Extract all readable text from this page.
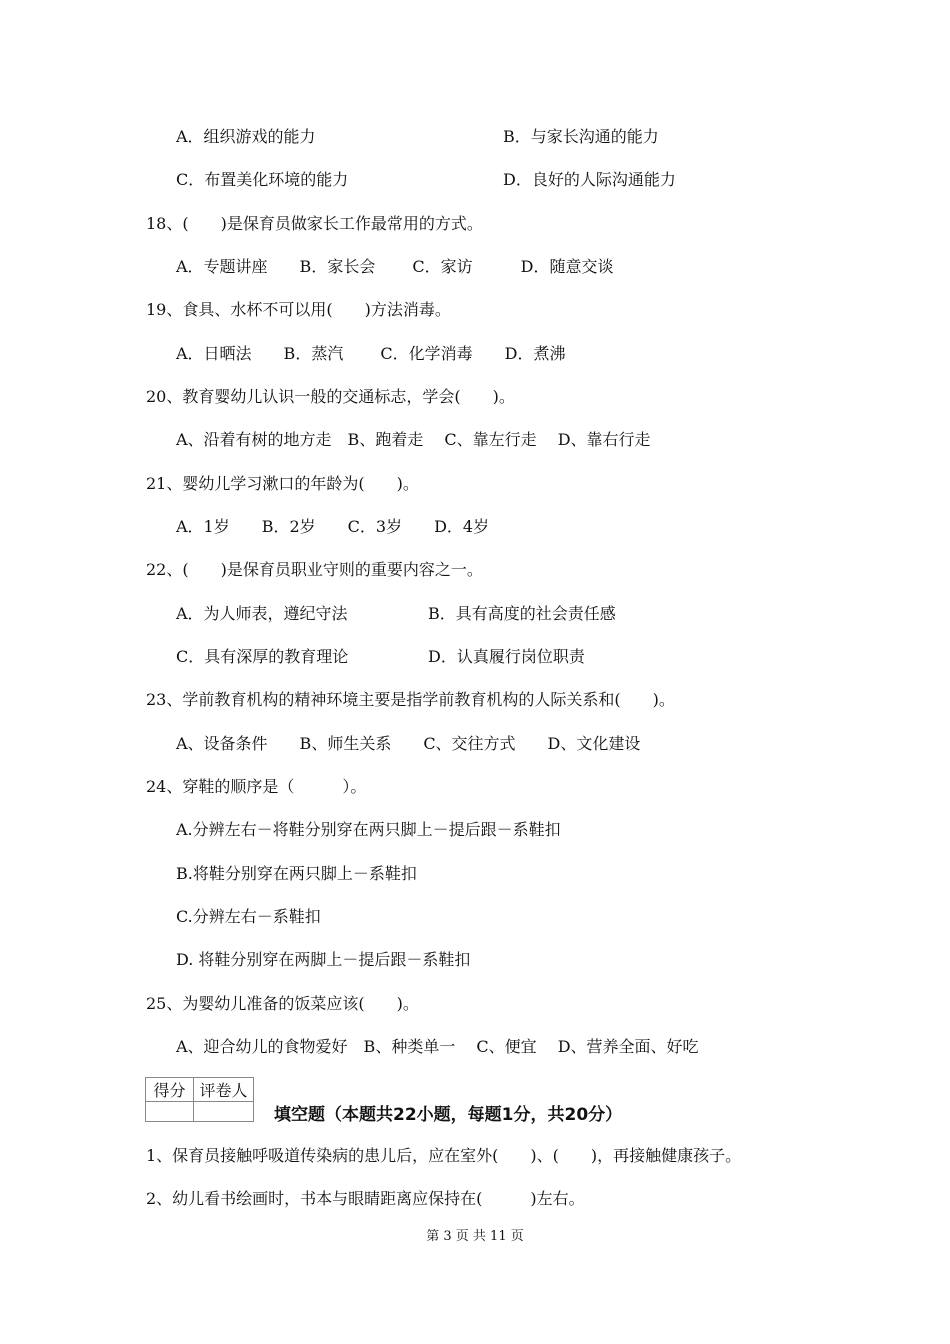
A．组织游戏的能力	B．与家长沟通的能力
C．布置美化环境的能力	D．良好的人际沟通能力
18、(　　)是保育员做家长工作最常用的方式。
A．专题讲座　　B．家长会　　 C．家访　　　D．随意交谈
19、食具、水杯不可以用(　　)方法消毒。
A．日晒法　　B．蒸汽　　 C．化学消毒　　D．煮沸
20、教育婴幼儿认识一般的交通标志，学会(　　)。
A、沿着有树的地方走　B、跑着走　 C、靠左行走　 D、靠右行走
21、婴幼儿学习漱口的年龄为(　　)。
A．1岁　　B．2岁　　C．3岁　　D．4岁
22、(　　)是保育员职业守则的重要内容之一。
A．为人师表，遵纪守法	B．具有高度的社会责任感
C．具有深厚的教育理论	D．认真履行岗位职责
23、学前教育机构的精神环境主要是指学前教育机构的人际关系和(　　)。
A、设备条件　　B、师生关系　　C、交往方式　　D、文化建设
24、穿鞋的顺序是（　　　）。
A.分辨左右－将鞋分别穿在两只脚上－提后跟－系鞋扣
B.将鞋分别穿在两只脚上－系鞋扣
C.分辨左右－系鞋扣
D. 将鞋分别穿在两脚上－提后跟－系鞋扣
25、为婴幼儿准备的饭菜应该(　　)。
A、迎合幼儿的食物爱好　B、种类单一　 C、便宜　 D、营养全面、好吃
得分	评卷人

填空题（本题共22小题，每题1分，共20分）
1、保育员接触呼吸道传染病的患儿后，应在室外(　　)、(　　)，再接触健康孩子。
2、幼儿看书绘画时，书本与眼睛距离应保持在(　　　)左右。
第 3 页 共 11 页
